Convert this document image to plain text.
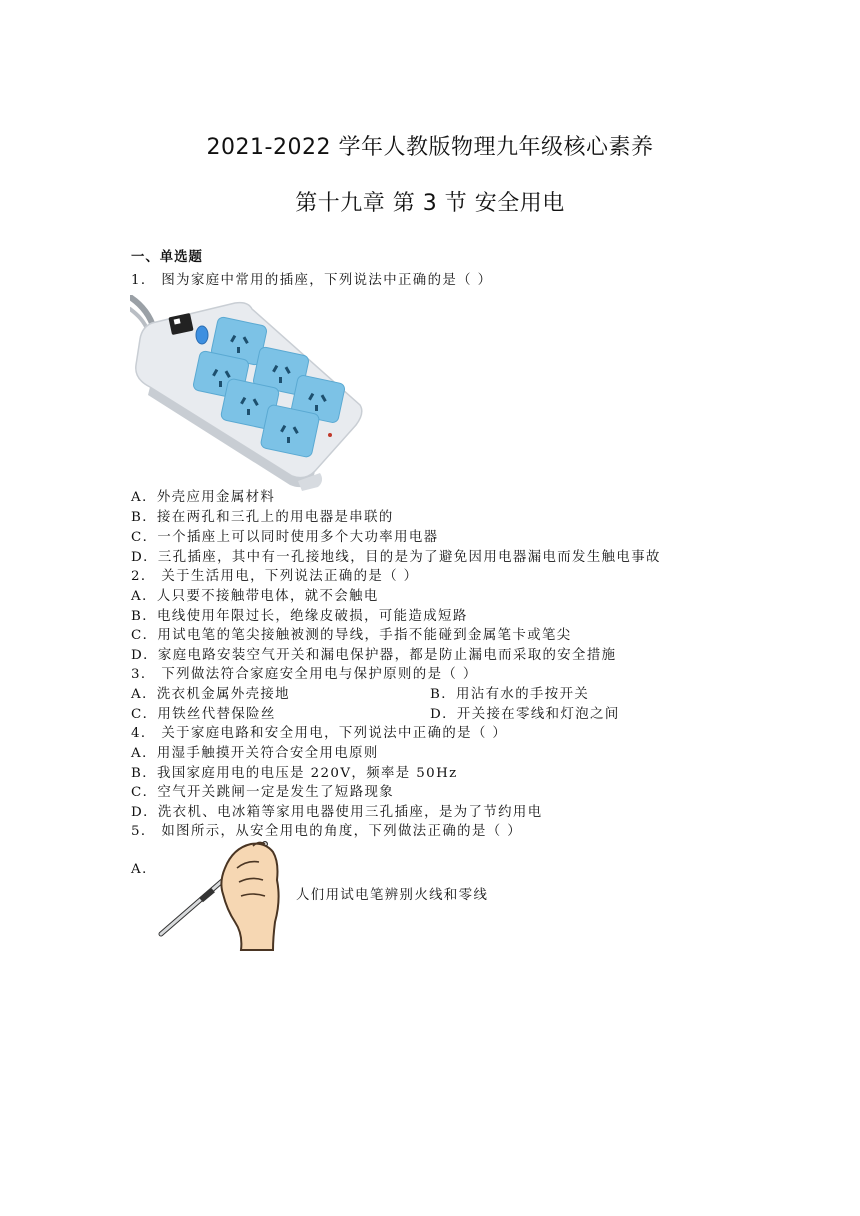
2021-2022 学年人教版物理九年级核心素养
第十九章 第 3 节 安全用电
一、单选题
1． 图为家庭中常用的插座，下列说法中正确的是（ ）
A．外壳应用金属材料
B．接在两孔和三孔上的用电器是串联的
C．一个插座上可以同时使用多个大功率用电器
D．三孔插座，其中有一孔接地线，目的是为了避免因用电器漏电而发生触电事故
2． 关于生活用电，下列说法正确的是（ ）
A．人只要不接触带电体，就不会触电
B．电线使用年限过长，绝缘皮破损，可能造成短路
C．用试电笔的笔尖接触被测的导线，手指不能碰到金属笔卡或笔尖
D．家庭电路安装空气开关和漏电保护器，都是防止漏电而采取的安全措施
3． 下列做法符合家庭安全用电与保护原则的是（ ）
A．洗衣机金属外壳接地	B．用沾有水的手按开关
C．用铁丝代替保险丝	D．开关接在零线和灯泡之间
4． 关于家庭电路和安全用电，下列说法中正确的是（ ）
A．用湿手触摸开关符合安全用电原则
B．我国家庭用电的电压是 220V，频率是 50Hz
C．空气开关跳闸一定是发生了短路现象
D．洗衣机、电冰箱等家用电器使用三孔插座，是为了节约用电
5． 如图所示，从安全用电的角度，下列做法正确的是（ ）
A．
人们用试电笔辨别火线和零线
